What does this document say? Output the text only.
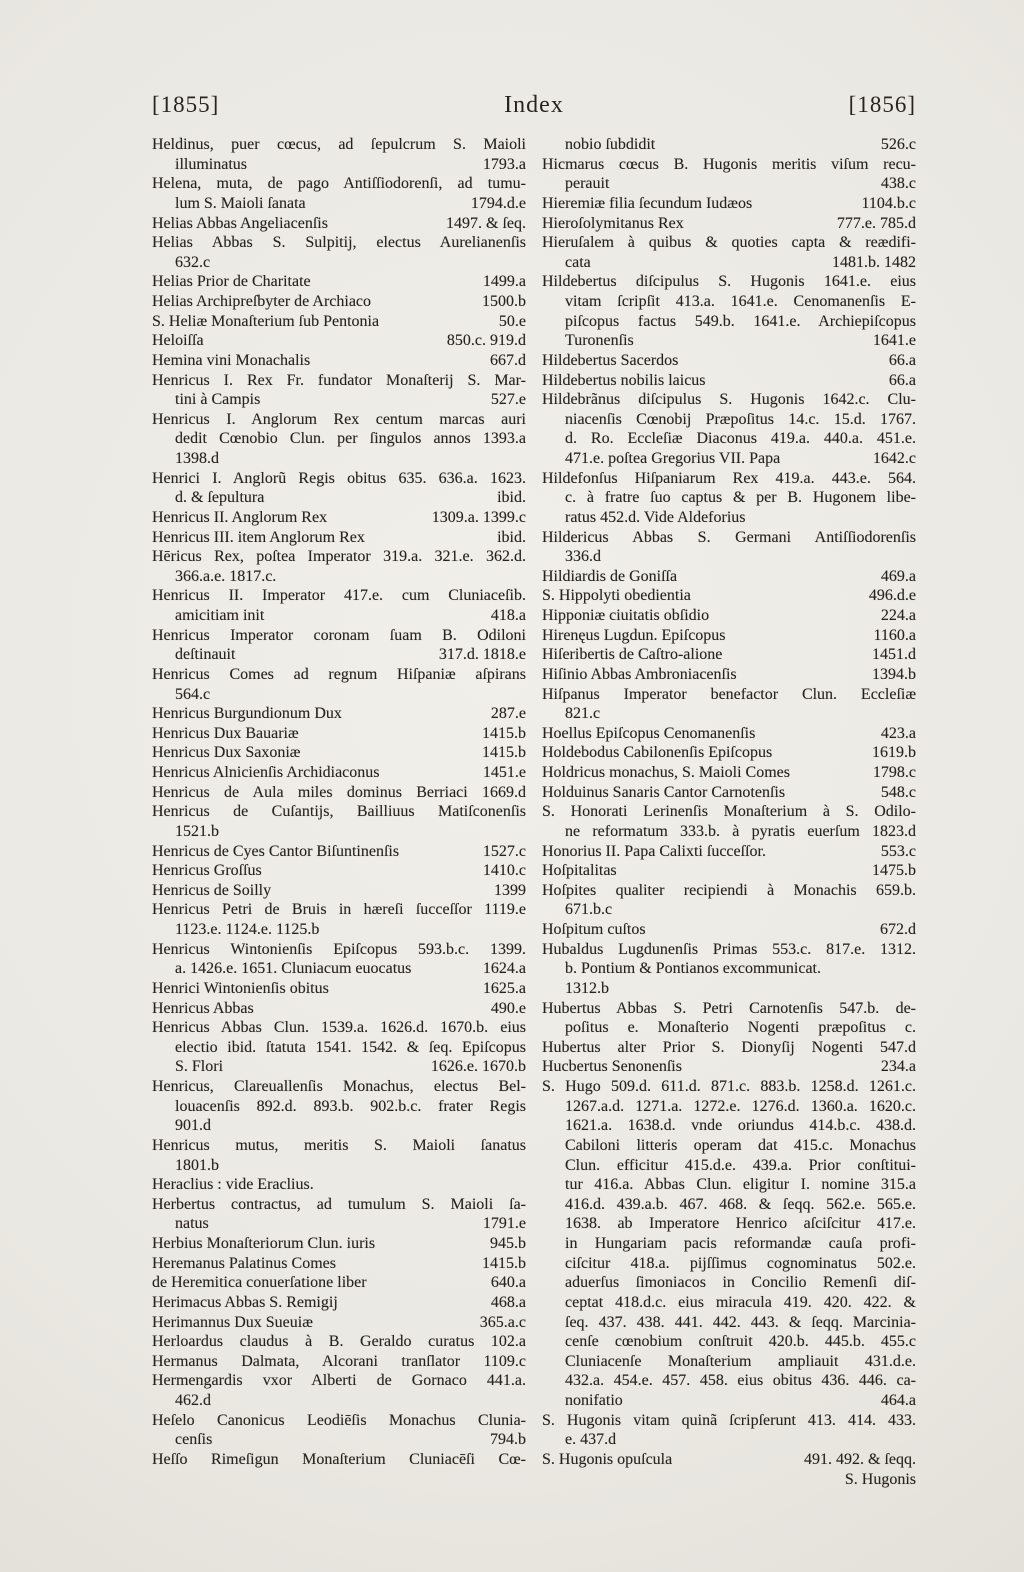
[1855]	Index	[1856]
Heldinus, puer cœcus, ad ſepulcrum S. Maioli
illuminatus	1793.a
Helena, muta, de pago Antiſſiodorenſi, ad tumu-
lum S. Maioli ſanata	1794.d.e
Helias Abbas Angeliacenſis	1497. & ſeq.
Helias Abbas S. Sulpitij, electus Aurelianenſis
632.c
Helias Prior de Charitate	1499.a
Helias Archipreſbyter de Archiaco	1500.b
S. Heliæ Monaſterium ſub Pentonia	50.e
Heloiſſa	850.c. 919.d
Hemina vini Monachalis	667.d
Henricus I. Rex Fr. fundator Monaſterij S. Mar-
tini à Campis	527.e
Henricus I. Anglorum Rex centum marcas auri
dedit Cœnobio Clun. per ſingulos annos 1393.a
1398.d
Henrici I. Anglorũ Regis obitus 635. 636.a. 1623.
d. & ſepultura	ibid.
Henricus II. Anglorum Rex	1309.a. 1399.c
Henricus III. item Anglorum Rex	ibid.
Hēricus Rex, poſtea Imperator 319.a. 321.e. 362.d.
366.a.e. 1817.c.
Henricus II. Imperator 417.e. cum Cluniaceſib.
amicitiam init	418.a
Henricus Imperator coronam ſuam B. Odiloni
deſtinauit	317.d. 1818.e
Henricus Comes ad regnum Hiſpaniæ aſpirans
564.c
Henricus Burgundionum Dux	287.e
Henricus Dux Bauariæ	1415.b
Henricus Dux Saxoniæ	1415.b
Henricus Alnicienſis Archidiaconus	1451.e
Henricus de Aula miles dominus Berriaci 1669.d
Henricus de Cuſantijs, Bailliuus Matiſconenſis
1521.b
Henricus de Cyes Cantor Biſuntinenſis	1527.c
Henricus Groſſus	1410.c
Henricus de Soilly	1399
Henricus Petri de Bruis in hæreſi ſucceſſor 1119.e
1123.e. 1124.e. 1125.b
Henricus Wintonienſis Epiſcopus 593.b.c. 1399.
a. 1426.e. 1651. Cluniacum euocatus	1624.a
Henrici Wintonienſis obitus	1625.a
Henricus Abbas	490.e
Henricus Abbas Clun. 1539.a. 1626.d. 1670.b. eius
electio ibid. ſtatuta 1541. 1542. & ſeq. Epiſcopus
S. Flori	1626.e. 1670.b
Henricus, Clareuallenſis Monachus, electus Bel-
louacenſis 892.d. 893.b. 902.b.c. frater Regis
901.d
Henricus mutus, meritis S. Maioli ſanatus
1801.b
Heraclius : vide Eraclius.
Herbertus contractus, ad tumulum S. Maioli ſa-
natus	1791.e
Herbius Monaſteriorum Clun. iuris	945.b
Heremanus Palatinus Comes	1415.b
de Heremitica conuerſatione liber	640.a
Herimacus Abbas S. Remigij	468.a
Herimannus Dux Sueuiæ	365.a.c
Herloardus claudus à B. Geraldo curatus 102.a
Hermanus Dalmata, Alcorani tranſlator 1109.c
Hermengardis vxor Alberti de Gornaco 441.a.
462.d
Heſelo Canonicus Leodiēſis Monachus Clunia-
cenſis	794.b
Heſſo Rimeſigun Monaſterium Cluniacēſi Cœ-
nobio ſubdidit	526.c
Hicmarus cœcus B. Hugonis meritis viſum recu-
perauit	438.c
Hieremiæ filia ſecundum Iudæos	1104.b.c
Hieroſolymitanus Rex	777.e. 785.d
Hieruſalem à quibus & quoties capta & reædifi-
cata	1481.b. 1482
Hildebertus diſcipulus S. Hugonis 1641.e. eius
vitam ſcripſit 413.a. 1641.e. Cenomanenſis E-
piſcopus factus 549.b. 1641.e. Archiepiſcopus
Turonenſis	1641.e
Hildebertus Sacerdos	66.a
Hildebertus nobilis laicus	66.a
Hildebrãnus diſcipulus S. Hugonis 1642.c. Clu-
niacenſis Cœnobij Præpoſitus 14.c. 15.d. 1767.
d. Ro. Eccleſiæ Diaconus 419.a. 440.a. 451.e.
471.e. poſtea Gregorius VII. Papa	1642.c
Hildefonſus Hiſpaniarum Rex 419.a. 443.e. 564.
c. à fratre ſuo captus & per B. Hugonem libe-
ratus 452.d. Vide Aldeforius
Hildericus Abbas S. Germani Antiſſiodorenſis
336.d
Hildiardis de Goniſſa	469.a
S. Hippolyti obedientia	496.d.e
Hipponiæ ciuitatis obſidio	224.a
Hirenęus Lugdun. Epiſcopus	1160.a
Hiſeribertis de Caſtro-alione	1451.d
Hiſinio Abbas Ambroniacenſis	1394.b
Hiſpanus Imperator benefactor Clun. Eccleſiæ
821.c
Hoellus Epiſcopus Cenomanenſis	423.a
Holdebodus Cabilonenſis Epiſcopus	1619.b
Holdricus monachus, S. Maioli Comes	1798.c
Holduinus Sanaris Cantor Carnotenſis	548.c
S. Honorati Lerinenſis Monaſterium à S. Odilo-
ne reformatum 333.b. à pyratis euerſum 1823.d
Honorius II. Papa Calixti ſucceſſor.	553.c
Hoſpitalitas	1475.b
Hoſpites qualiter recipiendi à Monachis 659.b.
671.b.c
Hoſpitum cuſtos	672.d
Hubaldus Lugdunenſis Primas 553.c. 817.e. 1312.
b. Pontium & Pontianos excommunicat.
1312.b
Hubertus Abbas S. Petri Carnotenſis 547.b. de-
poſitus e. Monaſterio Nogenti præpoſitus c.
Hubertus alter Prior S. Dionyſij Nogenti 547.d
Hucbertus Senonenſis	234.a
S. Hugo 509.d. 611.d. 871.c. 883.b. 1258.d. 1261.c.
1267.a.d. 1271.a. 1272.e. 1276.d. 1360.a. 1620.c.
1621.a. 1638.d. vnde oriundus 414.b.c. 438.d.
Cabiloni litteris operam dat 415.c. Monachus
Clun. efficitur 415.d.e. 439.a. Prior conſtitui-
tur 416.a. Abbas Clun. eligitur I. nomine 315.a
416.d. 439.a.b. 467. 468. & ſeqq. 562.e. 565.e.
1638. ab Imperatore Henrico aſciſcitur 417.e.
in Hungariam pacis reformandæ cauſa profi-
ciſcitur 418.a. pijſſimus cognominatus 502.e.
aduerſus ſimoniacos in Concilio Remenſi diſ-
ceptat 418.d.c. eius miracula 419. 420. 422. &
ſeq. 437. 438. 441. 442. 443. & ſeqq. Marcinia-
cenſe cœnobium conſtruit 420.b. 445.b. 455.c
Cluniacenſe Monaſterium ampliauit 431.d.e.
432.a. 454.e. 457. 458. eius obitus 436. 446. ca-
nonifatio	464.a
S. Hugonis vitam quinã ſcripſerunt 413. 414. 433.
e. 437.d
S. Hugonis opuſcula	491. 492. & ſeqq.
S. Hugonis
